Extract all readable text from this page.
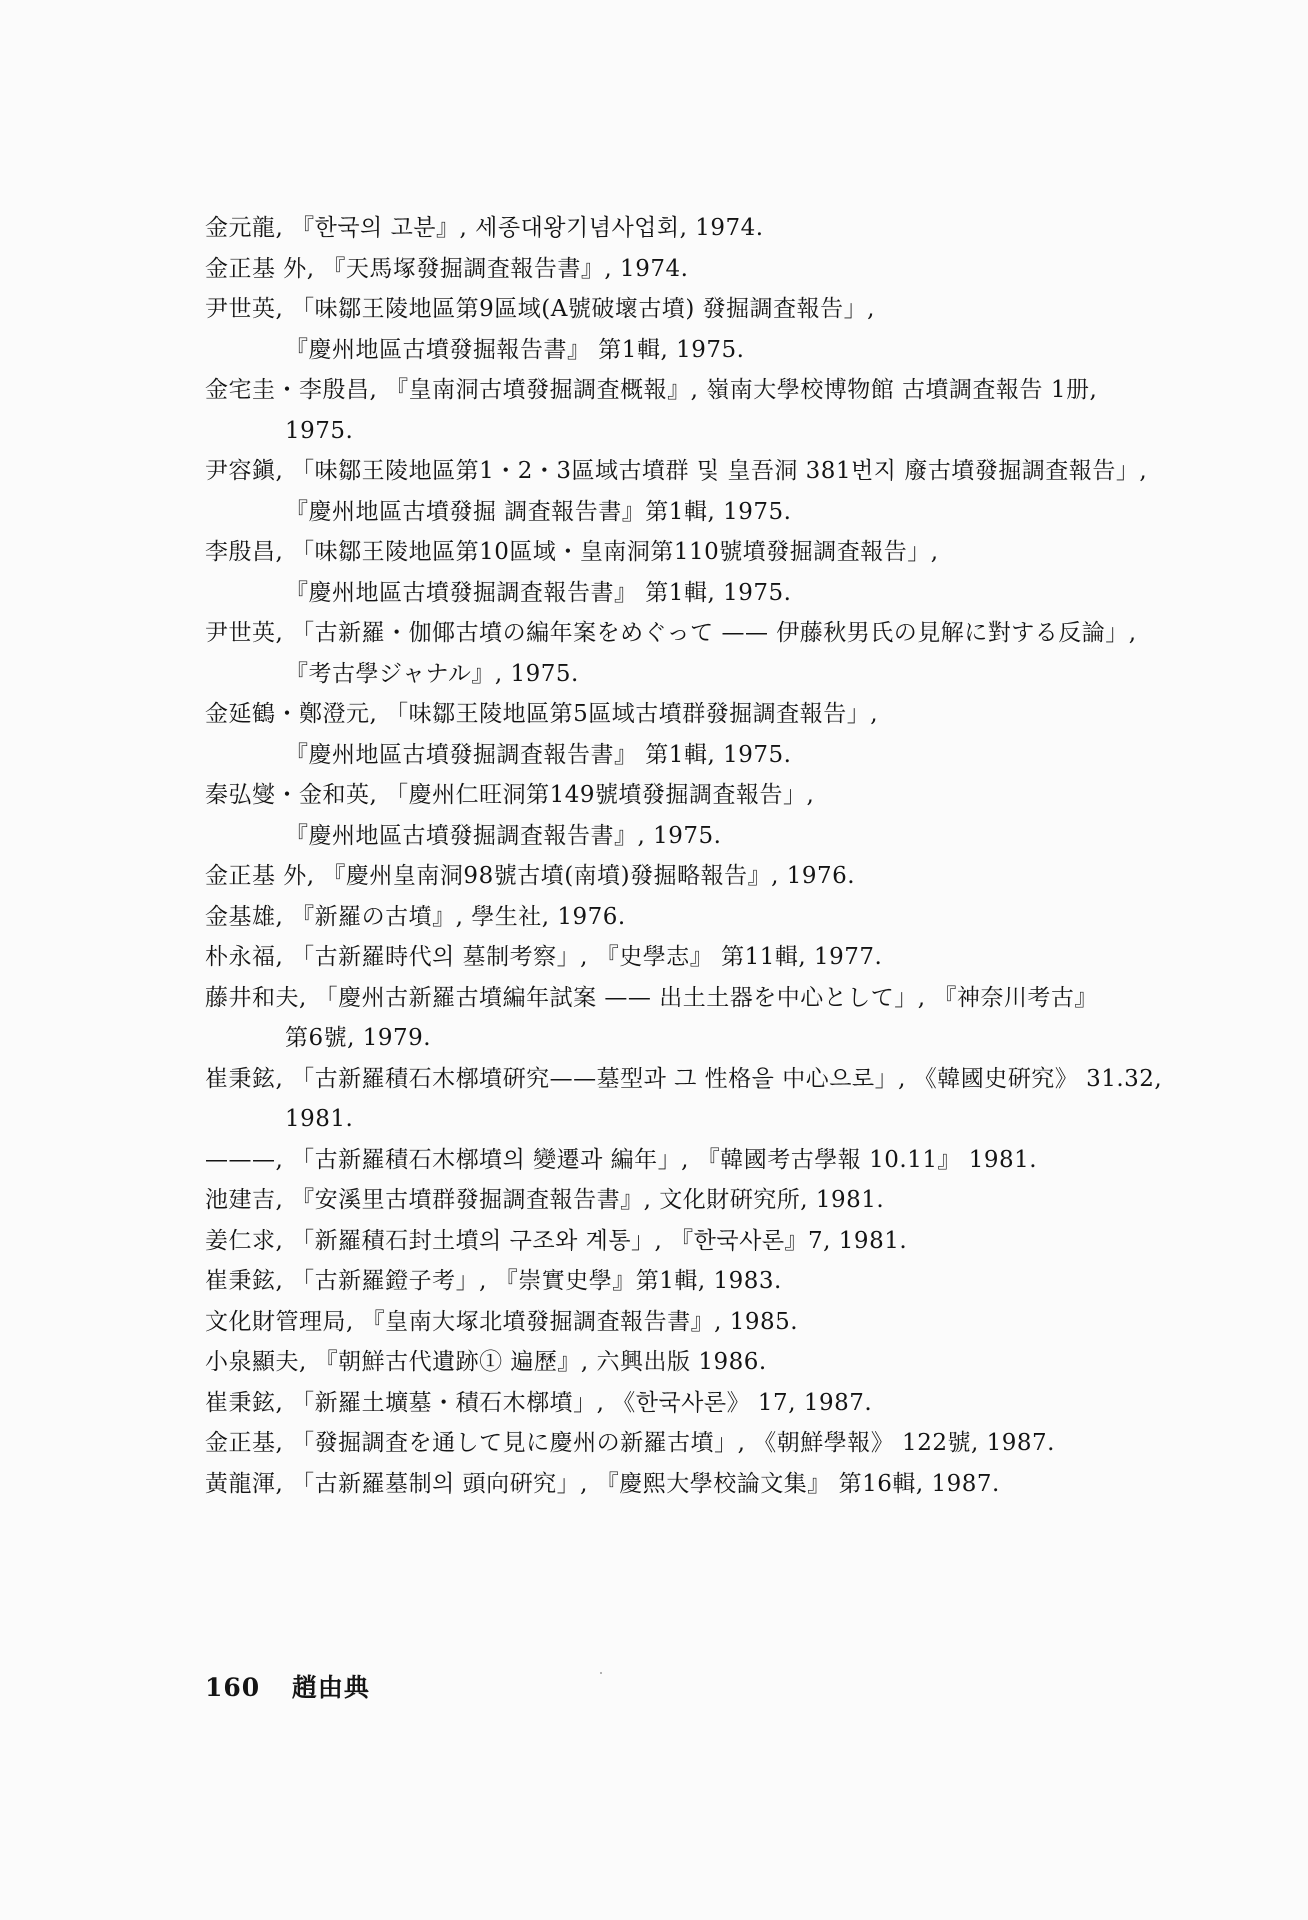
金元龍, 『한국의 고분』, 세종대왕기념사업회, 1974.
金正基 外, 『天馬塚發掘調査報告書』, 1974.
尹世英, 「味鄒王陵地區第9區域(A號破壞古墳) 發掘調査報告」, 『慶州地區古墳發掘報告書』 第1輯, 1975.
金宅圭・李殷昌, 『皇南洞古墳發掘調査概報』, 嶺南大學校博物館 古墳調査報告 1册, 1975.
尹容鎭, 「味鄒王陵地區第1・2・3區域古墳群 및 皇吾洞 381번지 廢古墳發掘調査報告」, 『慶州地區古墳發掘 調査報告書』第1輯, 1975.
李殷昌, 「味鄒王陵地區第10區域・皇南洞第110號墳發掘調査報告」, 『慶州地區古墳發掘調査報告書』 第1輯, 1975.
尹世英, 「古新羅・伽倻古墳の編年案をめぐって —— 伊藤秋男氏の見解に對する反論」, 『考古學ジャナル』, 1975.
金延鶴・鄭澄元, 「味鄒王陵地區第5區域古墳群發掘調査報告」, 『慶州地區古墳發掘調査報告書』 第1輯, 1975.
秦弘燮・金和英, 「慶州仁旺洞第149號墳發掘調査報告」, 『慶州地區古墳發掘調査報告書』, 1975.
金正基 外, 『慶州皇南洞98號古墳(南墳)發掘略報告』, 1976.
金基雄, 『新羅の古墳』, 學生社, 1976.
朴永福, 「古新羅時代의 墓制考察」, 『史學志』 第11輯, 1977.
藤井和夫, 「慶州古新羅古墳編年試案 —— 出土土器を中心として」, 『神奈川考古』 第6號, 1979.
崔秉鉉, 「古新羅積石木槨墳硏究——墓型과 그 性格을 中心으로」, 《韓國史硏究》 31.32, 1981.
———, 「古新羅積石木槨墳의 變遷과 編年」, 『韓國考古學報 10.11』 1981.
池建吉, 『安溪里古墳群發掘調査報告書』, 文化財硏究所, 1981.
姜仁求, 「新羅積石封土墳의 구조와 계통」, 『한국사론』7, 1981.
崔秉鉉, 「古新羅鐙子考」, 『崇實史學』第1輯, 1983.
文化財管理局, 『皇南大塚北墳發掘調査報告書』, 1985.
小泉顯夫, 『朝鮮古代遺跡① 遍歷』, 六興出版 1986.
崔秉鉉, 「新羅土壙墓・積石木槨墳」, 《한국사론》 17, 1987.
金正基, 「發掘調査を通して見に慶州の新羅古墳」, 《朝鮮學報》 122號, 1987.
黃龍渾, 「古新羅墓制의 頭向硏究」, 『慶熙大學校論文集』 第16輯, 1987.
160 趙由典
